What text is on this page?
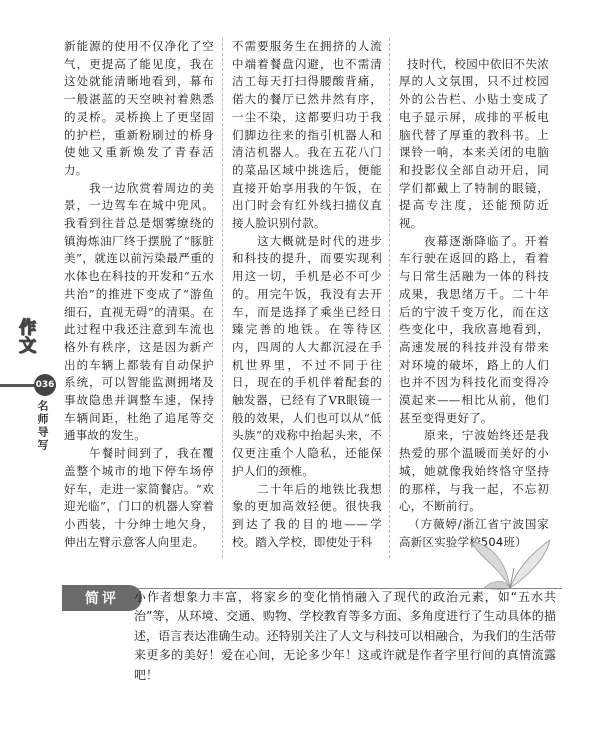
作文
036
名师导写
新能源的使用不仅净化了空气，更提高了能见度，我在这处就能清晰地看到，幕布一般湛蓝的天空映衬着熟悉的灵桥。灵桥换上了更坚固的护栏，重新粉刷过的桥身使她又重新焕发了青春活力。
　　我一边欣赏着周边的美景，一边驾车在城中兜风。我看到往昔总是烟雾缭绕的镇海炼油厂终于摆脱了“豚脏美”，就连以前污染最严重的水体也在科技的开发和“五水共治”的推进下变成了“游鱼细石，直视无碍”的清渠。在此过程中我还注意到车流也格外有秩序，这是因为新产出的车辆上都装有自动保护系统，可以智能监测拥堵及事故隐患并调整车速，保持车辆间距，杜绝了追尾等交通事故的发生。
　　午餐时间到了，我在覆盖整个城市的地下停车场停好车，走进一家简餐店。“欢迎光临”，门口的机器人穿着小西装，十分绅士地欠身，伸出左臂示意客人向里走。
不需要服务生在拥挤的人流中端着餐盘闪避，也不需清洁工每天打扫得腰酸背痛，偌大的餐厅已然井然有序，一尘不染，这都要归功于我们脚边往来的指引机器人和清洁机器人。我在五花八门的菜品区域中挑选后，便能直接开始享用我的午饭，在出门时会有红外线扫描仪直接人脸识别付款。
　　这大概就是时代的进步和科技的提升，而要实现利用这一切，手机是必不可少的。用完午饭，我没有去开车，而是选择了乘坐已经日臻完善的地铁。在等待区内，四周的人大都沉浸在手机世界里，不过不同于往日，现在的手机伴着配套的触发器，已经有了VR眼镜一般的效果，人们也可以从“低头族”的戏称中抬起头来，不仅更注重个人隐私，还能保护人们的颈椎。
　　二十年后的地铁比我想象的更加高效轻便。很快我到达了我的目的地——学校。踏入学校，即使处于科

技时代，校园中依旧不失浓厚的人文氛围，只不过校园外的公告栏、小贴士变成了电子显示屏，成排的平板电脑代替了厚重的教科书。上课铃一响，本来关闭的电脑和投影仪全部自动开启，同学们都戴上了特制的眼镜，提高专注度，还能预防近视。
　　夜幕逐渐降临了。开着车行驶在返回的路上，看着与日常生活融为一体的科技成果，我思绪万千。二十年后的宁波千变万化，而在这些变化中，我欣喜地看到，高速发展的科技并没有带来对环境的破坏，路上的人们也并不因为科技化而变得冷漠起来——相比从前，他们甚至变得更好了。
　　原来，宁波始终还是我热爱的那个温暖而美好的小城，她就像我始终恪守坚持的那样，与我一起，不忘初心，不断前行。
（方薇婷/浙江省宁波国家高新区实验学校504班）

简评	小作者想象力丰富，将家乡的变化悄悄融入了现代的政治元素，如“五水共治”等，从环境、交通、购物、学校教育等多方面、多角度进行了生动具体的描述，语言表达准确生动。还特别关注了人文与科技可以相融合，为我们的生活带来更多的美好！爱在心间，无论多少年！这或许就是作者字里行间的真情流露吧！
